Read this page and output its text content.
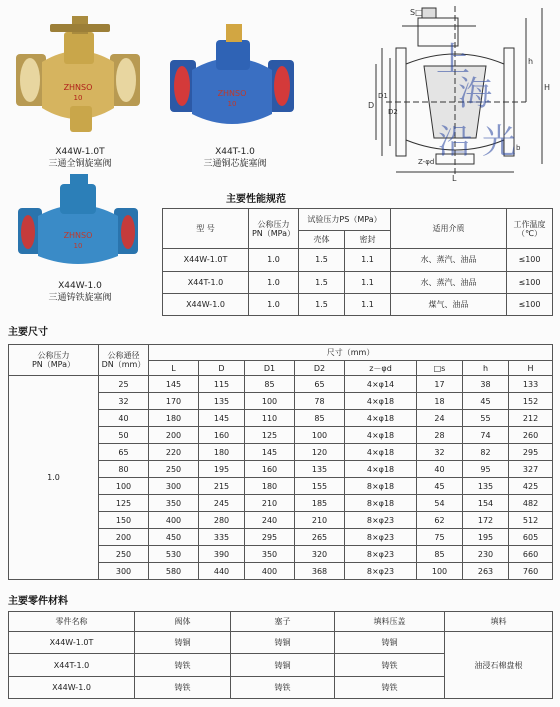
ZHNSO
10
X44W-1.0T
三通全铜旋塞阀
ZHNSO
10
X44T-1.0
三通铜芯旋塞阀
ZHNSO
10
X44W-1.0
三通铸铁旋塞阀
S□
L
D
D1
D2
h
H
Z-φd
b
上
海
沿 光
主要性能规范
型 号	公称压力
PN（MPa）	试验压力PS（MPa）		适用介质	工作温度
（℃）
		壳体	密封		
X44W-1.0T	1.0	1.5	1.1	水、蒸汽、油品	≤100
X44T-1.0	1.0	1.5	1.1	水、蒸汽、油品	≤100
X44W-1.0	1.0	1.5	1.1	煤气、油品	≤100
主要尺寸
公称压力
PN（MPa）	公称通径
DN（mm）	尺寸（mm）							
		L	D	D1	D2	z－φd	□s	h	H
1.0	25	145	115	85	65	4×φ14	17	38	133
	32	170	135	100	78	4×φ18	18	45	152
	40	180	145	110	85	4×φ18	24	55	212
	50	200	160	125	100	4×φ18	28	74	260
	65	220	180	145	120	4×φ18	32	82	295
	80	250	195	160	135	4×φ18	40	95	327
	100	300	215	180	155	8×φ18	45	135	425
	125	350	245	210	185	8×φ18	54	154	482
	150	400	280	240	210	8×φ23	62	172	512
	200	450	335	295	265	8×φ23	75	195	605
	250	530	390	350	320	8×φ23	85	230	660
	300	580	440	400	368	8×φ23	100	263	760
主要零件材料
零件名称	阀体	塞子	填料压盖	填料
X44W-1.0T	铸铜	铸铜	铸铜	油浸石棉盘根
X44T-1.0	铸铁	铸铜	铸铁	
X44W-1.0	铸铁	铸铁	铸铁	
